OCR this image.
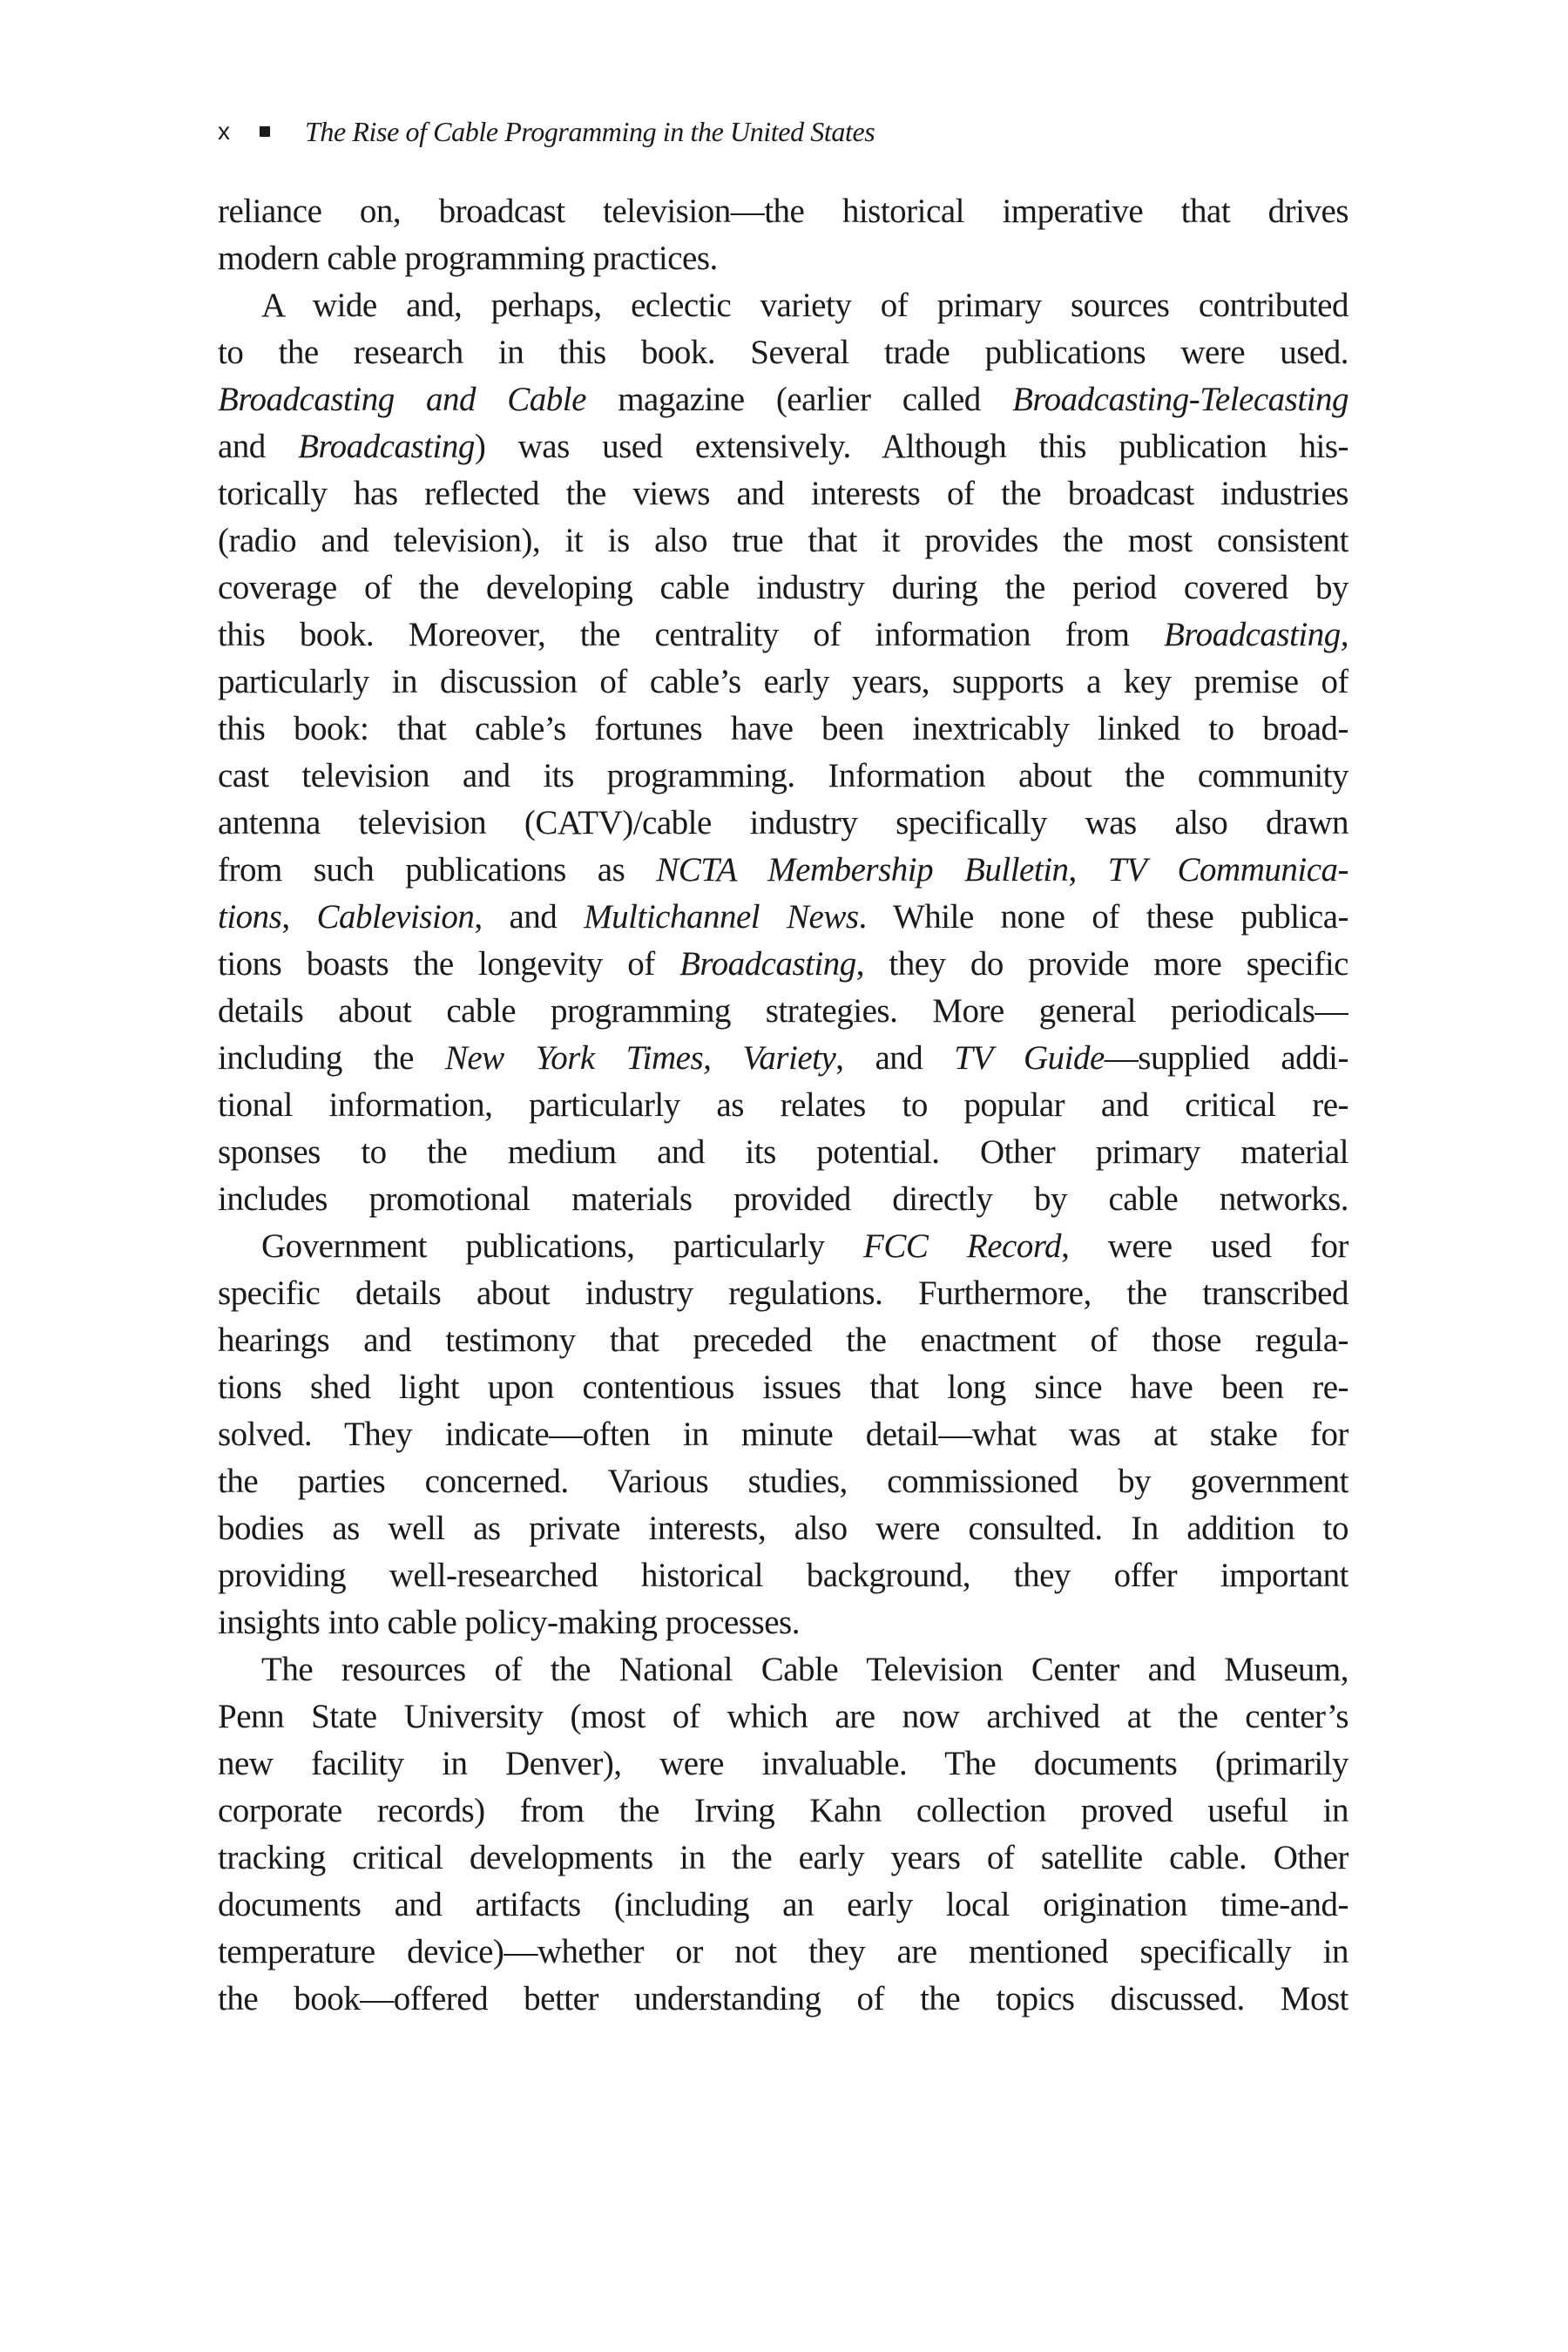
x	The Rise of Cable Programming in the United States
reliance on, broadcast television—the historical imperative that drives
modern cable programming practices.
A wide and, perhaps, eclectic variety of primary sources contributed
to the research in this book. Several trade publications were used.
Broadcasting and Cable magazine (earlier called Broadcasting-Telecasting
and Broadcasting) was used extensively. Although this publication his-
torically has reflected the views and interests of the broadcast industries
(radio and television), it is also true that it provides the most consistent
coverage of the developing cable industry during the period covered by
this book. Moreover, the centrality of information from Broadcasting,
particularly in discussion of cable’s early years, supports a key premise of
this book: that cable’s fortunes have been inextricably linked to broad-
cast television and its programming. Information about the community
antenna television (CATV)/cable industry specifically was also drawn
from such publications as NCTA Membership Bulletin, TV Communica-
tions, Cablevision, and Multichannel News. While none of these publica-
tions boasts the longevity of Broadcasting, they do provide more specific
details about cable programming strategies. More general periodicals—
including the New York Times, Variety, and TV Guide—supplied addi-
tional information, particularly as relates to popular and critical re-
sponses to the medium and its potential. Other primary material
includes promotional materials provided directly by cable networks.
Government publications, particularly FCC Record, were used for
specific details about industry regulations. Furthermore, the transcribed
hearings and testimony that preceded the enactment of those regula-
tions shed light upon contentious issues that long since have been re-
solved. They indicate—often in minute detail—what was at stake for
the parties concerned. Various studies, commissioned by government
bodies as well as private interests, also were consulted. In addition to
providing well-researched historical background, they offer important
insights into cable policy-making processes.
The resources of the National Cable Television Center and Museum,
Penn State University (most of which are now archived at the center’s
new facility in Denver), were invaluable. The documents (primarily
corporate records) from the Irving Kahn collection proved useful in
tracking critical developments in the early years of satellite cable. Other
documents and artifacts (including an early local origination time-and-
temperature device)—whether or not they are mentioned specifically in
the book—offered better understanding of the topics discussed. Most
